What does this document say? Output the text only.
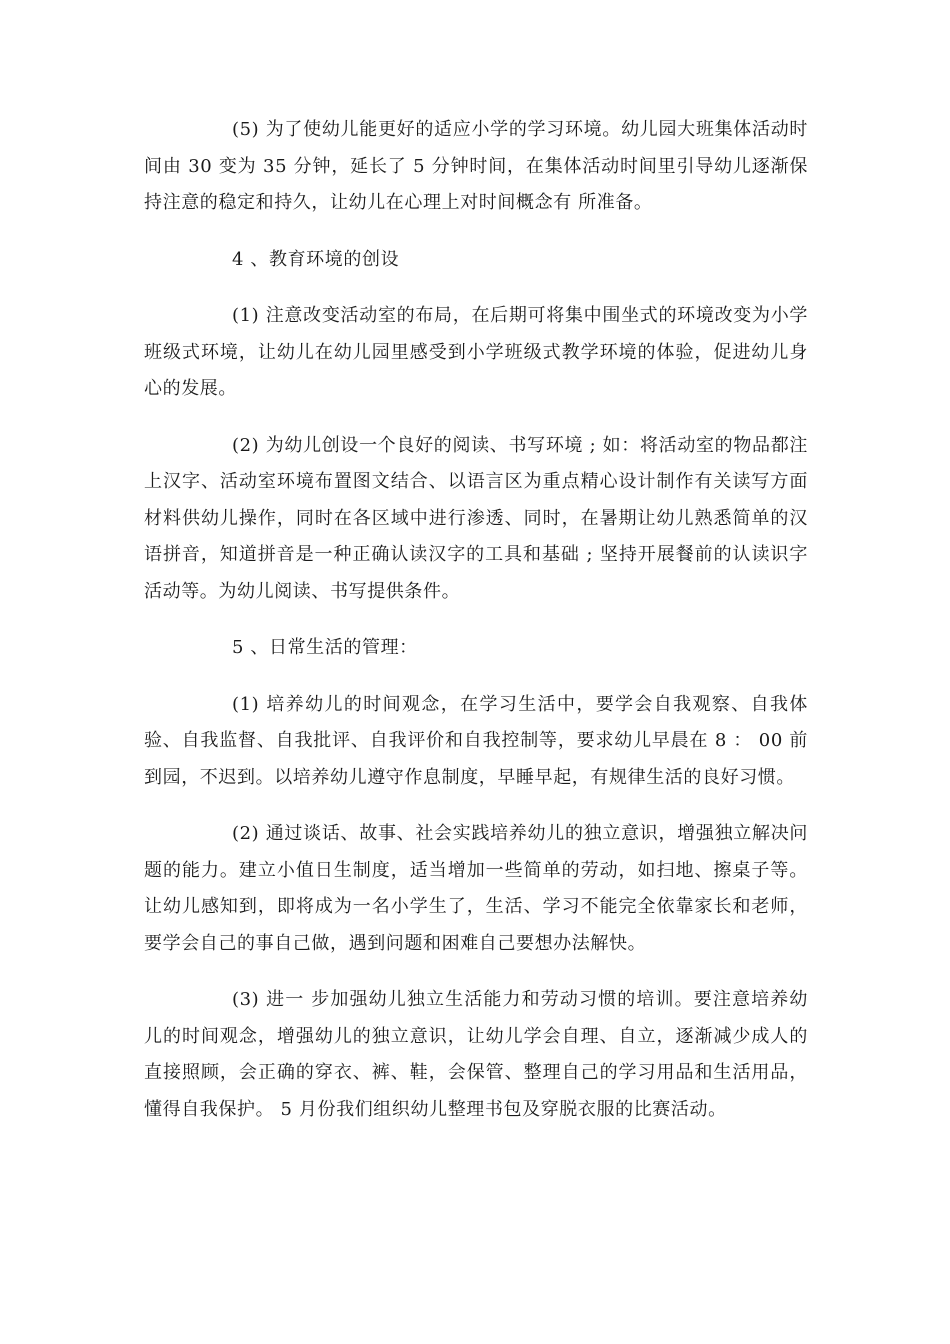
(5) 为了使幼儿能更好的适应小学的学习环境。幼儿园大班集体活动时间由 30 变为 35 分钟，延长了 5 分钟时间，在集体活动时间里引导幼儿逐渐保持注意的稳定和持久，让幼儿在心理上对时间概念有 所准备。

4 、教育环境的创设

(1) 注意改变活动室的布局，在后期可将集中围坐式的环境改变为小学班级式环境，让幼儿在幼儿园里感受到小学班级式教学环境的体验，促进幼儿身心的发展。

(2) 为幼儿创设一个良好的阅读、书写环境 ; 如：将活动室的物品都注上汉字、活动室环境布置图文结合、以语言区为重点精心设计制作有关读写方面材料供幼儿操作，同时在各区域中进行渗透、同时，在暑期让幼儿熟悉简单的汉语拼音，知道拼音是一种正确认读汉字的工具和基础 ; 坚持开展餐前的认读识字活动等。为幼儿阅读、书写提供条件。

5 、日常生活的管理：

(1) 培养幼儿的时间观念，在学习生活中，要学会自我观察、自我体验、自我监督、自我批评、自我评价和自我控制等，要求幼儿早晨在 8 ： 00 前到园，不迟到。以培养幼儿遵守作息制度，早睡早起，有规律生活的良好习惯。

(2) 通过谈话、故事、社会实践培养幼儿的独立意识，增强独立解决问题的能力。建立小值日生制度，适当增加一些简单的劳动，如扫地、擦桌子等。让幼儿感知到，即将成为一名小学生了，生活、学习不能完全依靠家长和老师，要学会自己的事自己做，遇到问题和困难自己要想办法解快。

(3) 进一 步加强幼儿独立生活能力和劳动习惯的培训。要注意培养幼儿的时间观念，增强幼儿的独立意识，让幼儿学会自理、自立，逐渐减少成人的直接照顾，会正确的穿衣、裤、鞋，会保管、整理自己的学习用品和生活用品，懂得自我保护。 5 月份我们组织幼儿整理书包及穿脱衣服的比赛活动。
